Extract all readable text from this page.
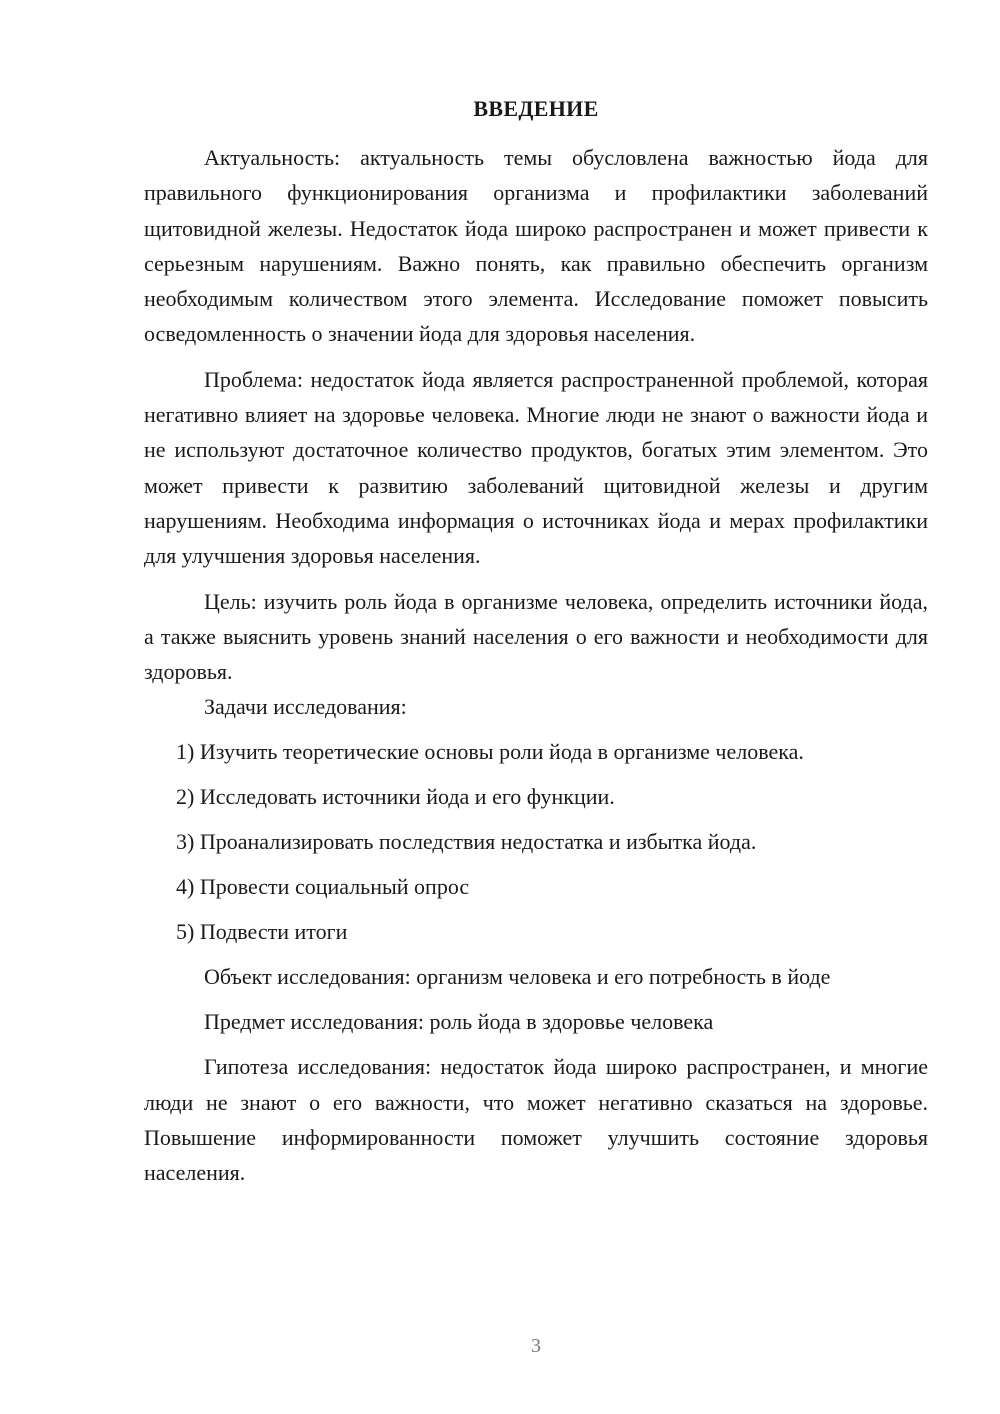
ВВЕДЕНИЕ

Актуальность: актуальность темы обусловлена важностью йода для правильного функционирования организма и профилактики заболеваний щитовидной железы. Недостаток йода широко распространен и может привести к серьезным нарушениям. Важно понять, как правильно обеспечить организм необходимым количеством этого элемента. Исследование поможет повысить осведомленность о значении йода для здоровья населения.

Проблема: недостаток йода является распространенной проблемой, которая негативно влияет на здоровье человека. Многие люди не знают о важности йода и не используют достаточное количество продуктов, богатых этим элементом. Это может привести к развитию заболеваний щитовидной железы и другим нарушениям. Необходима информация о источниках йода и мерах профилактики для улучшения здоровья населения.

Цель: изучить роль йода в организме человека, определить источники йода, а также выяснить уровень знаний населения о его важности и необходимости для здоровья.

Задачи исследования:

1) Изучить теоретические основы роли йода в организме человека.

2) Исследовать источники йода и его функции.

3) Проанализировать последствия недостатка и избытка йода.

4) Провести социальный опрос

5) Подвести итоги

Объект исследования: организм человека и его потребность в йоде

Предмет исследования: роль йода в здоровье человека

Гипотеза исследования: недостаток йода широко распространен, и многие люди не знают о его важности, что может негативно сказаться на здоровье. Повышение информированности поможет улучшить состояние здоровья населения.

3
